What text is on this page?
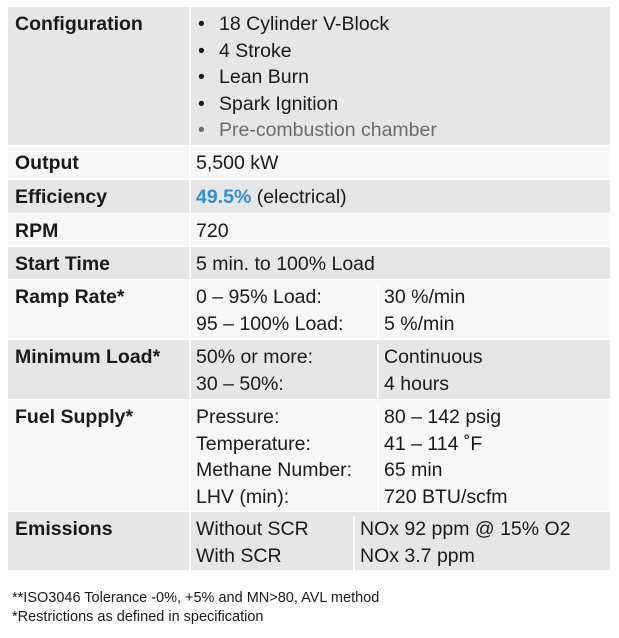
Configuration
•	18 Cylinder V-Block
• 4 Stroke
• Lean Burn
• Spark Ignition
• Pre-combustion chamber
Output	5,500 kW
Efficiency	49.5% (electrical)
RPM	720
Start Time	5 min. to 100% Load
Ramp Rate*	0 – 95% Load:
95 – 100% Load:
30 %/min
5 %/min
Minimum Load*	50% or more:
30 – 50%:
Continuous
4 hours
Fuel Supply*	Pressure:
Temperature:
Methane Number:
LHV (min):
80 – 142 psig
41 – 114 ˚F
65 min
720 BTU/scfm
Emissions	Without SCR
With SCR
NOx 92 ppm @ 15% O2
NOx 3.7 ppm
**ISO3046 Tolerance -0%, +5% and MN>80, AVL method
*Restrictions as defined in specification
